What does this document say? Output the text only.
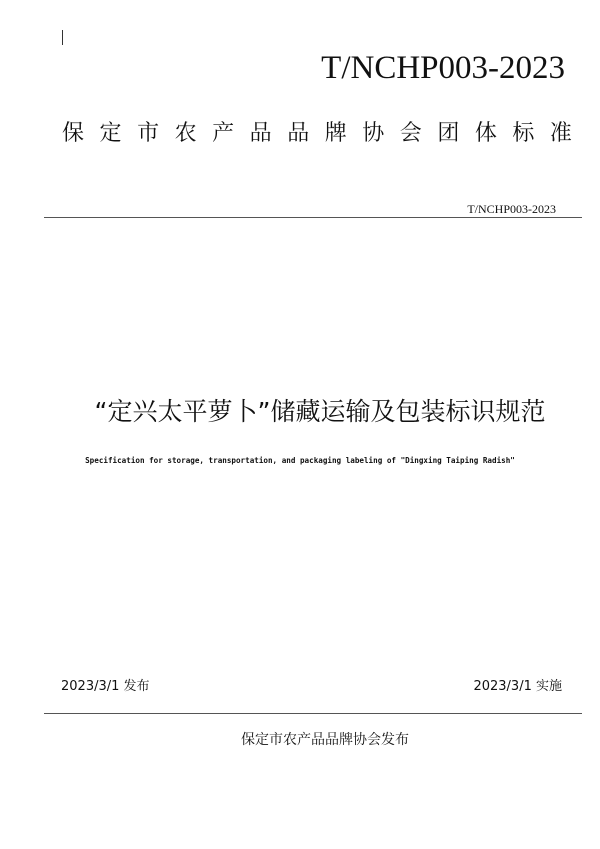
T/NCHP003-2023
保 定 市 农 产 品 品 牌 协 会 团 体 标 准
T/NCHP003-2023
“定兴太平萝卜”储藏运输及包装标识规范
Specification for storage, transportation, and packaging labeling of "Dingxing Taiping Radish"
2023/3/1 发布	2023/3/1 实施
保定市农产品品牌协会发布
